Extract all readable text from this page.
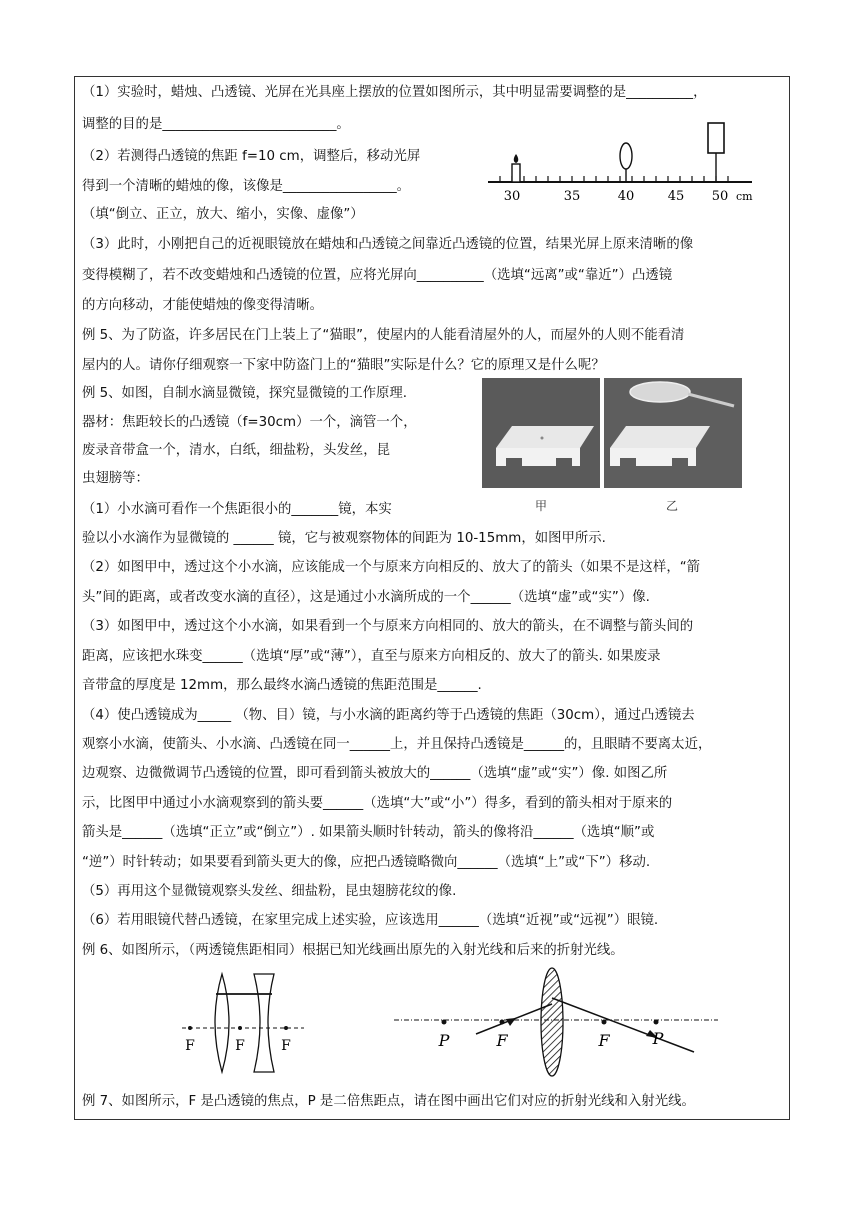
（1）实验时，蜡烛、凸透镜、光屏在光具座上摆放的位置如图所示，其中明显需要调整的是__________，
调整的目的是__________________________。
（2）若测得凸透镜的焦距 f=10 cm，调整后，移动光屏
得到一个清晰的蜡烛的像，该像是_________________。
（填“倒立、正立，放大、缩小，实像、虚像”）
（3）此时，小刚把自己的近视眼镜放在蜡烛和凸透镜之间靠近凸透镜的位置，结果光屏上原来清晰的像
变得模糊了，若不改变蜡烛和凸透镜的位置，应将光屏向__________（选填“远离”或“靠近”）凸透镜
的方向移动，才能使蜡烛的像变得清晰。
例 5、为了防盗，许多居民在门上装上了“猫眼”，使屋内的人能看清屋外的人，而屋外的人则不能看清
屋内的人。请你仔细观察一下家中防盗门上的“猫眼”实际是什么？它的原理又是什么呢？
例 5、如图，自制水滴显微镜，探究显微镜的工作原理.
器材：焦距较长的凸透镜（f=30cm）一个，滴管一个，
废录音带盒一个，清水，白纸，细盐粉，头发丝，昆
虫翅膀等：
（1）小水滴可看作一个焦距很小的_______镜，本实
验以小水滴作为显微镜的 ______ 镜，它与被观察物体的间距为 10-15mm，如图甲所示.
（2）如图甲中，透过这个小水滴，应该能成一个与原来方向相反的、放大了的箭头（如果不是这样，“箭
头”间的距离，或者改变水滴的直径），这是通过小水滴所成的一个______（选填“虚”或“实”）像.
（3）如图甲中，透过这个小水滴，如果看到一个与原来方向相同的、放大的箭头，在不调整与箭头间的
距离，应该把水珠变______（选填“厚”或“薄”），直至与原来方向相反的、放大了的箭头. 如果废录
音带盒的厚度是 12mm，那么最终水滴凸透镜的焦距范围是______.
（4）使凸透镜成为_____ （物、目）镜，与小水滴的距离约等于凸透镜的焦距（30cm），通过凸透镜去
观察小水滴，使箭头、小水滴、凸透镜在同一______上，并且保持凸透镜是______的，且眼睛不要离太近，
边观察、边微微调节凸透镜的位置，即可看到箭头被放大的______（选填“虚”或“实”）像. 如图乙所
示，比图甲中通过小水滴观察到的箭头要______（选填“大”或“小”）得多，看到的箭头相对于原来的
箭头是______（选填“正立”或“倒立”）. 如果箭头顺时针转动，箭头的像将沿______（选填“顺”或
“逆”）时针转动；如果要看到箭头更大的像，应把凸透镜略微向______（选填“上”或“下”）移动.
（5）再用这个显微镜观察头发丝、细盐粉，昆虫翅膀花纹的像.
（6）若用眼镜代替凸透镜，在家里完成上述实验，应该选用______（选填“近视”或“远视”）眼镜.
例 6、如图所示，（两透镜焦距相同）根据已知光线画出原先的入射光线和后来的折射光线。
例 7、如图所示，F 是凸透镜的焦点，P 是二倍焦距点，请在图中画出它们对应的折射光线和入射光线。
30	35	40	45 50 cm
甲	乙
F	F	F	P	F	F	P
